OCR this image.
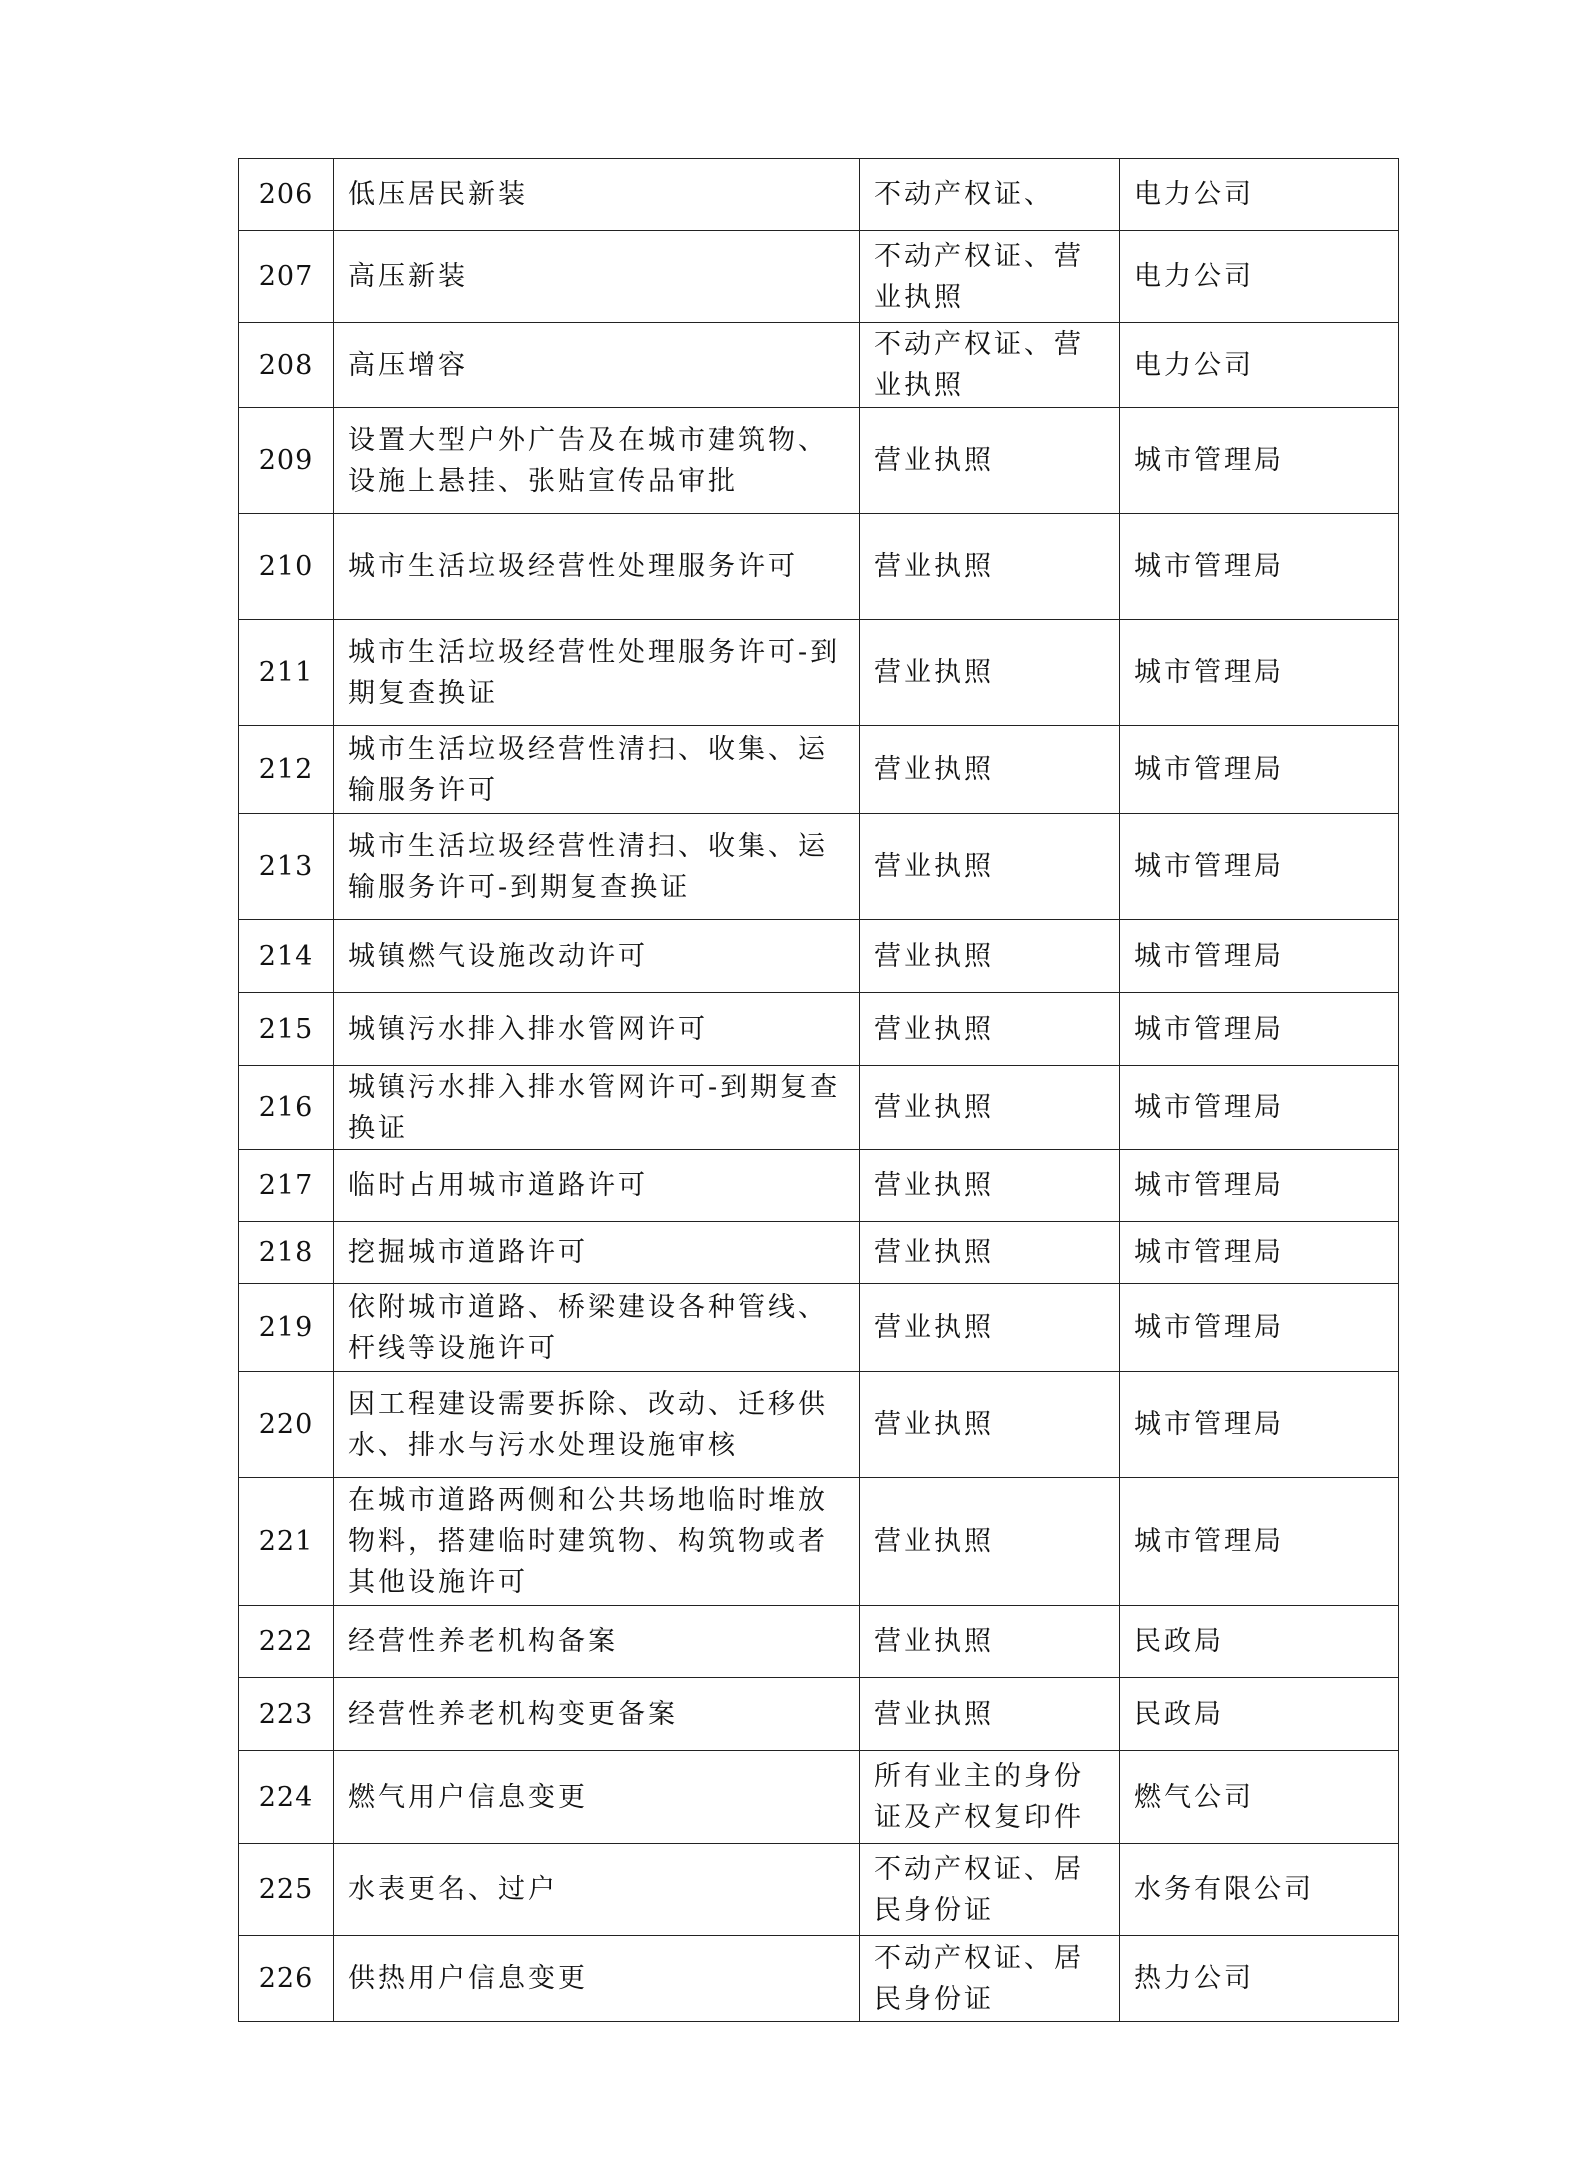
206	低压居民新装	不动产权证、	电力公司
207	高压新装	不动产权证、营业执照	电力公司
208	高压增容	不动产权证、营业执照	电力公司
209	设置大型户外广告及在城市建筑物、设施上悬挂、张贴宣传品审批	营业执照	城市管理局
210	城市生活垃圾经营性处理服务许可	营业执照	城市管理局
211	城市生活垃圾经营性处理服务许可-到期复查换证	营业执照	城市管理局
212	城市生活垃圾经营性清扫、收集、运输服务许可	营业执照	城市管理局
213	城市生活垃圾经营性清扫、收集、运输服务许可-到期复查换证	营业执照	城市管理局
214	城镇燃气设施改动许可	营业执照	城市管理局
215	城镇污水排入排水管网许可	营业执照	城市管理局
216	城镇污水排入排水管网许可-到期复查换证	营业执照	城市管理局
217	临时占用城市道路许可	营业执照	城市管理局
218	挖掘城市道路许可	营业执照	城市管理局
219	依附城市道路、桥梁建设各种管线、杆线等设施许可	营业执照	城市管理局
220	因工程建设需要拆除、改动、迁移供水、排水与污水处理设施审核	营业执照	城市管理局
221	在城市道路两侧和公共场地临时堆放物料，搭建临时建筑物、构筑物或者其他设施许可	营业执照	城市管理局
222	经营性养老机构备案	营业执照	民政局
223	经营性养老机构变更备案	营业执照	民政局
224	燃气用户信息变更	所有业主的身份证及产权复印件	燃气公司
225	水表更名、过户	不动产权证、居民身份证	水务有限公司
226	供热用户信息变更	不动产权证、居民身份证	热力公司
